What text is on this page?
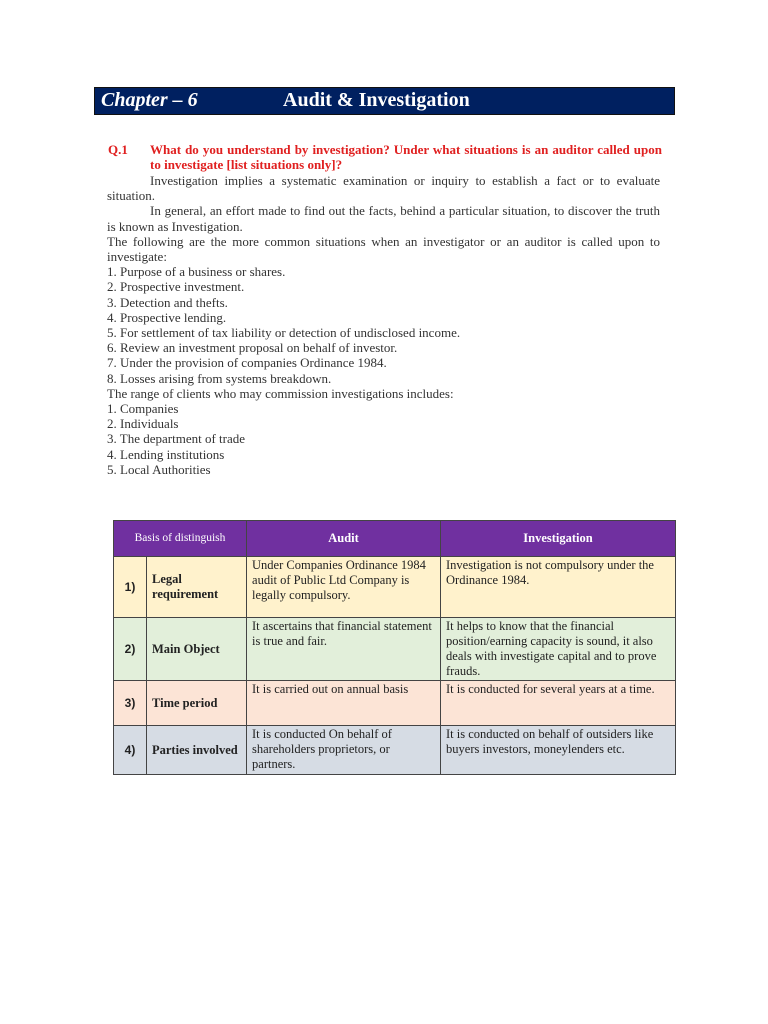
Chapter – 6	Audit & Investigation
Q.1 What do you understand by investigation? Under what situations is an auditor called upon to investigate [list situations only]?

Investigation implies a systematic examination or inquiry to establish a fact or to evaluate situation.

In general, an effort made to find out the facts, behind a particular situation, to discover the truth is known as Investigation.

The following are the more common situations when an investigator or an auditor is called upon to investigate:

1. Purpose of a business or shares.
2. Prospective investment.
3. Detection and thefts.
4. Prospective lending.
5. For settlement of tax liability or detection of undisclosed income.
6. Review an investment proposal on behalf of investor.
7. Under the provision of companies Ordinance 1984.
8. Losses arising from systems breakdown.

The range of clients who may commission investigations includes:

1. Companies
2. Individuals
3. The department of trade
4. Lending institutions
5. Local Authorities
Basis of distinguish		Audit	Investigation
1)	Legal requirement	Under Companies Ordinance 1984 audit of Public Ltd Company is legally compulsory.	Investigation is not compulsory under the Ordinance 1984.
2)	Main Object	It ascertains that financial statement is true and fair.	It helps to know that the financial position/earning capacity is sound, it also deals with investigate capital and to prove frauds.
3)	Time period	It is carried out on annual basis	It is conducted for several years at a time.
4)	Parties involved	It is conducted On behalf of shareholders proprietors, or partners.	It is conducted on behalf of outsiders like buyers investors, moneylenders etc.
